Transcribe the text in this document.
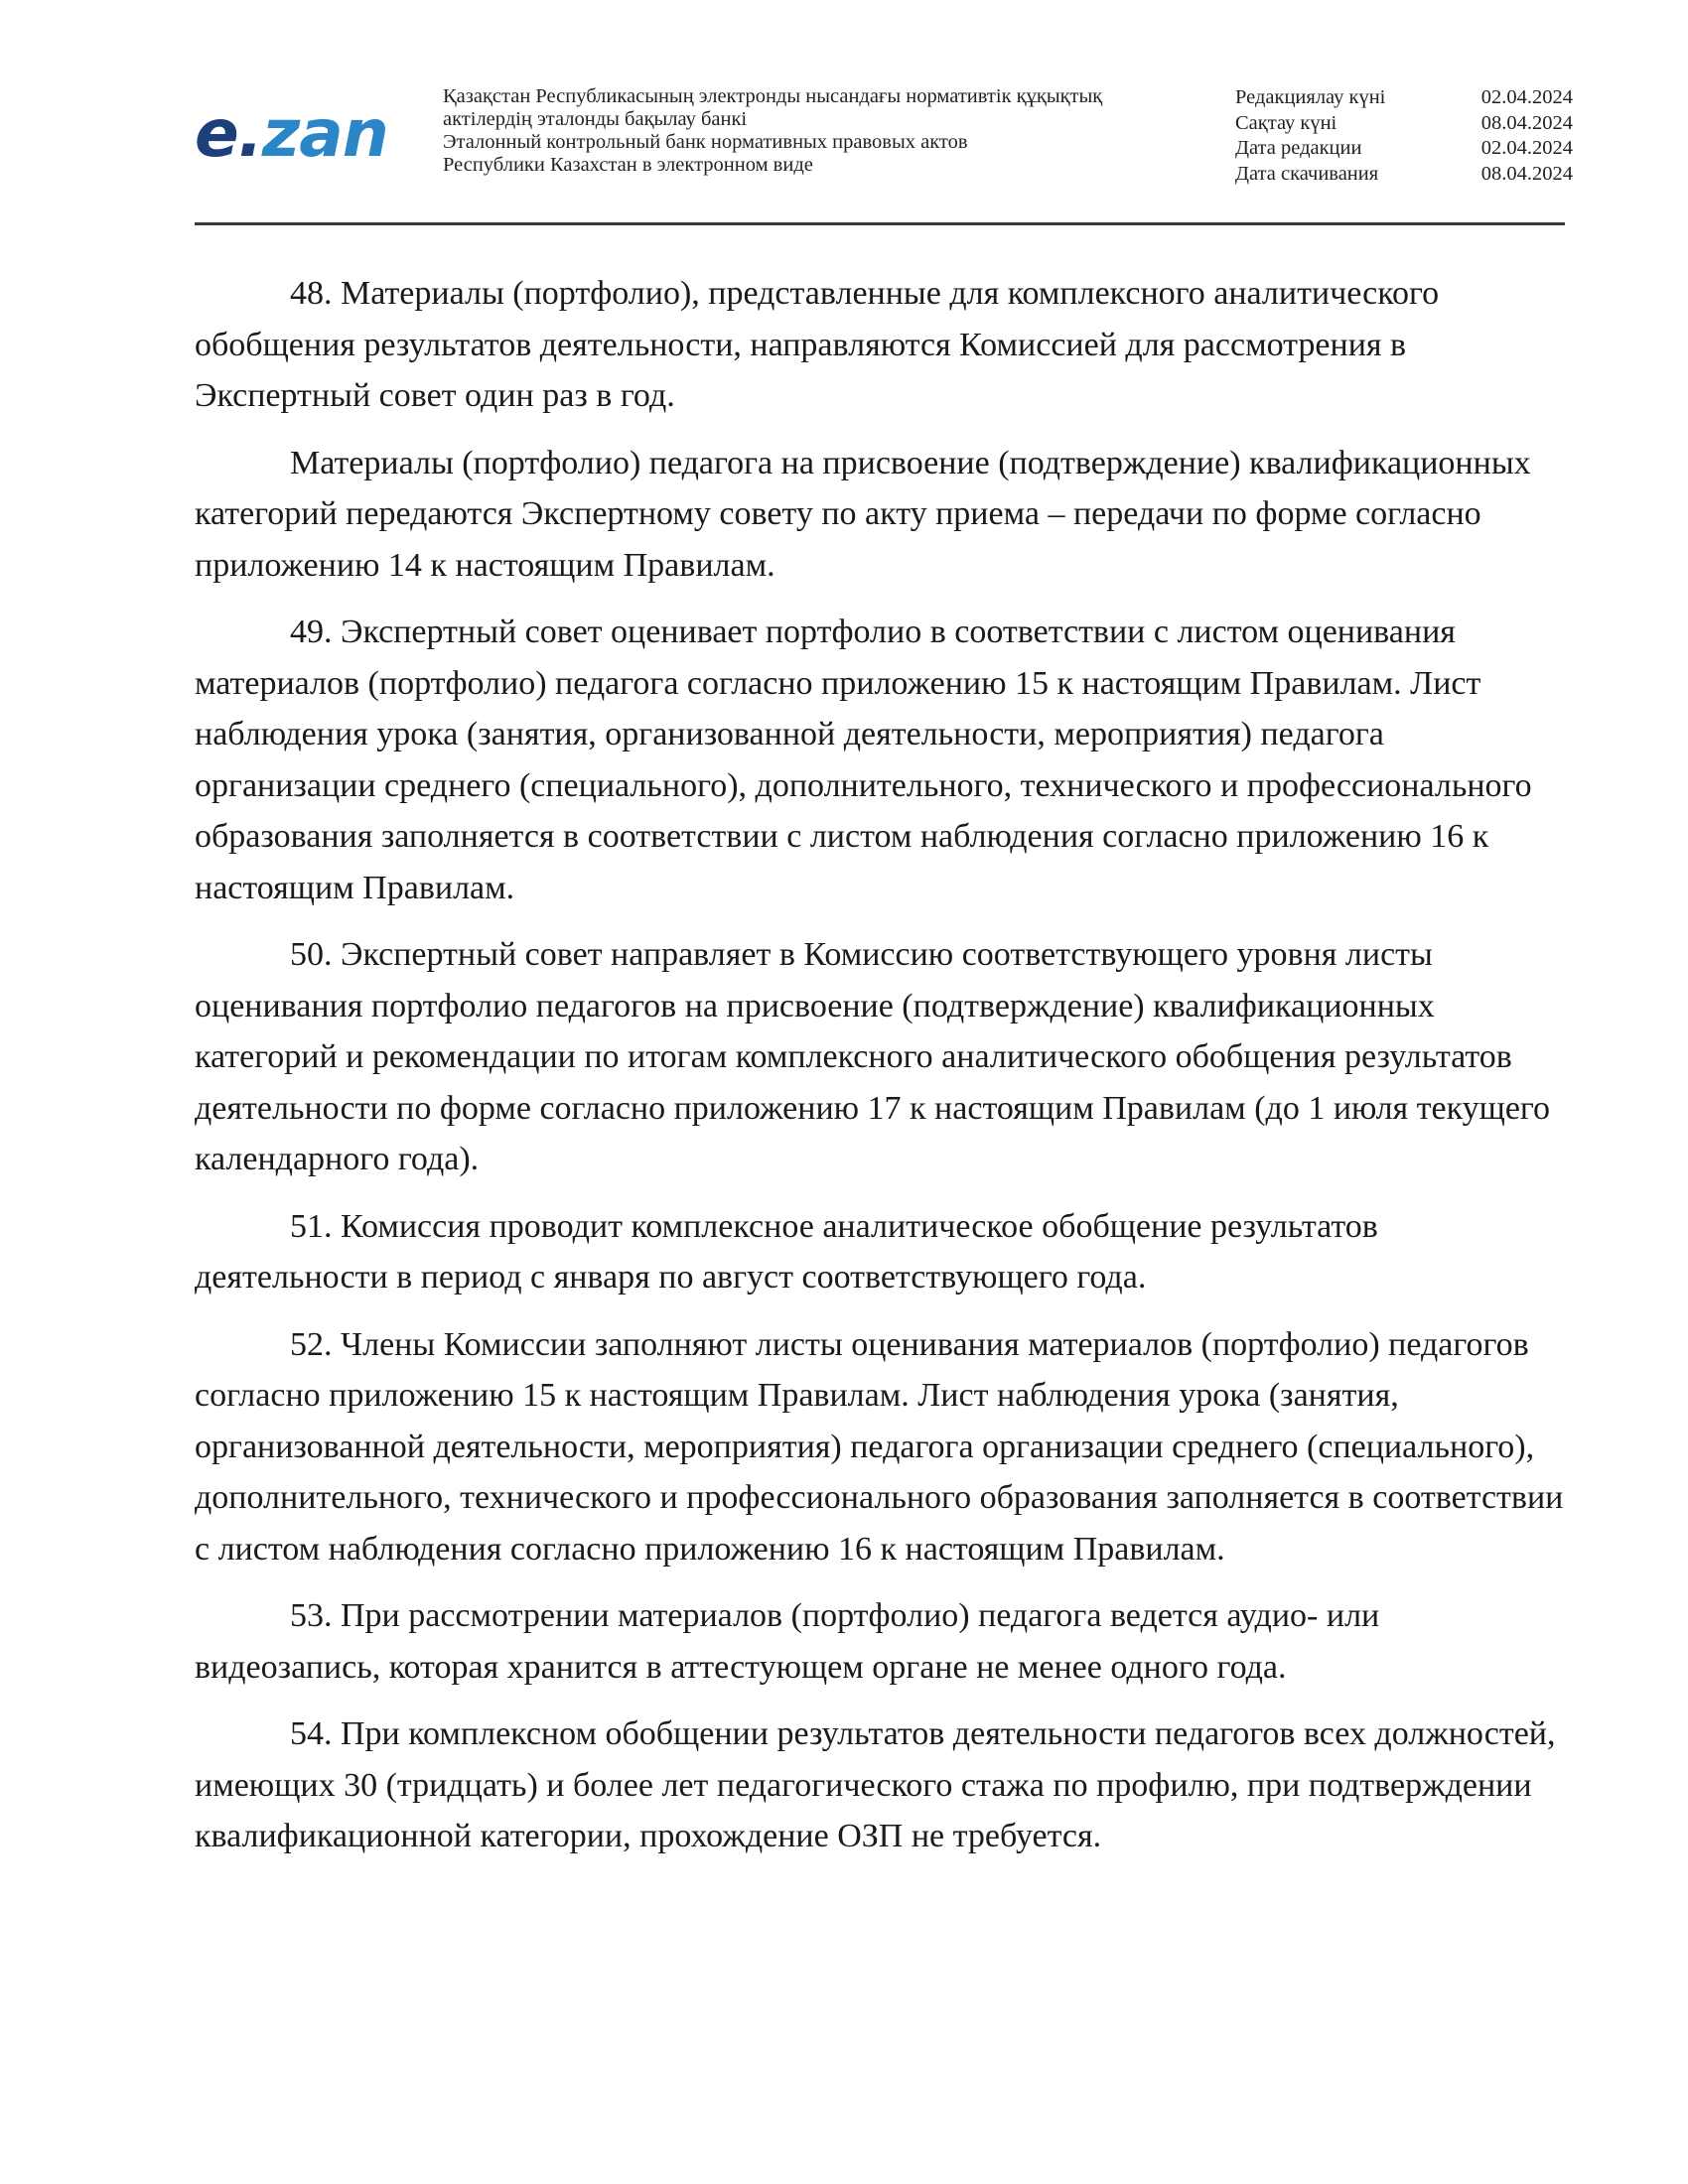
e.zan	Қазақстан Республикасының электронды нысандағы нормативтік құқықтық
актілердің эталонды бақылау банкі
Эталонный контрольный банк нормативных правовых актов
Республики Казахстан в электронном виде
Редакциялау күні	02.04.2024
Сақтау күні	08.04.2024
Дата редакции	02.04.2024
Дата скачивания	08.04.2024

48. Материалы (портфолио), представленные для комплексного аналитического обобщения результатов деятельности, направляются Комиссией для рассмотрения в Экспертный совет один раз в год.

Материалы (портфолио) педагога на присвоение (подтверждение) квалификационных категорий передаются Экспертному совету по акту приема – передачи по форме согласно приложению 14 к настоящим Правилам.

49. Экспертный совет оценивает портфолио в соответствии с листом оценивания материалов (портфолио) педагога согласно приложению 15 к настоящим Правилам. Лист наблюдения урока (занятия, организованной деятельности, мероприятия) педагога организации среднего (специального), дополнительного, технического и профессионального образования заполняется в соответствии с листом наблюдения согласно приложению 16 к настоящим Правилам.

50. Экспертный совет направляет в Комиссию соответствующего уровня листы оценивания портфолио педагогов на присвоение (подтверждение) квалификационных категорий и рекомендации по итогам комплексного аналитического обобщения результатов деятельности по форме согласно приложению 17 к настоящим Правилам (до 1 июля текущего календарного года).

51. Комиссия проводит комплексное аналитическое обобщение результатов деятельности в период с января по август соответствующего года.

52. Члены Комиссии заполняют листы оценивания материалов (портфолио) педагогов согласно приложению 15 к настоящим Правилам. Лист наблюдения урока (занятия, организованной деятельности, мероприятия) педагога организации среднего (специального), дополнительного, технического и профессионального образования заполняется в соответствии с листом наблюдения согласно приложению 16 к настоящим Правилам.

53. При рассмотрении материалов (портфолио) педагога ведется аудио- или видеозапись, которая хранится в аттестующем органе не менее одного года.

54. При комплексном обобщении результатов деятельности педагогов всех должностей, имеющих 30 (тридцать) и более лет педагогического стажа по профилю, при подтверждении квалификационной категории, прохождение ОЗП не требуется.
